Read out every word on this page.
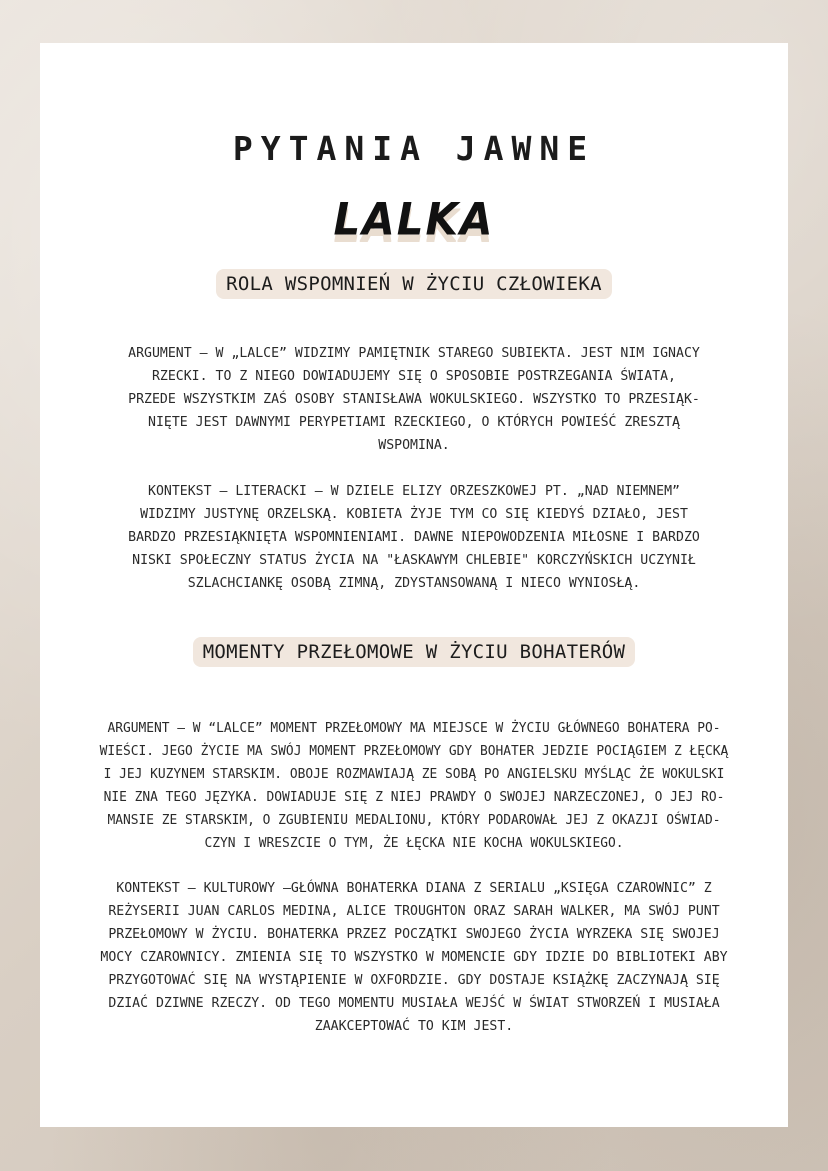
PYTANIA JAWNE
LALKA
ROLA WSPOMNIEŃ W ŻYCIU CZŁOWIEKA
ARGUMENT – W „LALCE” WIDZIMY PAMIĘTNIK STAREGO SUBIEKTA. JEST NIM IGNACY
RZECKI. TO Z NIEGO DOWIADUJEMY SIĘ O SPOSOBIE POSTRZEGANIA ŚWIATA,
PRZEDE WSZYSTKIM ZAŚ OSOBY STANISŁAWA WOKULSKIEGO. WSZYSTKO TO PRZESIĄK-
NIĘTE JEST DAWNYMI PERYPETIAMI RZECKIEGO, O KTÓRYCH POWIEŚĆ ZRESZTĄ
WSPOMINA.
KONTEKST – LITERACKI – W DZIELE ELIZY ORZESZKOWEJ PT. „NAD NIEMNEM”
WIDZIMY JUSTYNĘ ORZELSKĄ. KOBIETA ŻYJE TYM CO SIĘ KIEDYŚ DZIAŁO, JEST
BARDZO PRZESIĄKNIĘTA WSPOMNIENIAMI. DAWNE NIEPOWODZENIA MIŁOSNE I BARDZO
NISKI SPOŁECZNY STATUS ŻYCIA NA "ŁASKAWYM CHLEBIE" KORCZYŃSKICH UCZYNIŁ
SZLACHCIANKĘ OSOBĄ ZIMNĄ, ZDYSTANSOWANĄ I NIECO WYNIOSŁĄ.
MOMENTY PRZEŁOMOWE W ŻYCIU BOHATERÓW
ARGUMENT – W “LALCE” MOMENT PRZEŁOMOWY MA MIEJSCE W ŻYCIU GŁÓWNEGO BOHATERA PO-
WIEŚCI. JEGO ŻYCIE MA SWÓJ MOMENT PRZEŁOMOWY GDY BOHATER JEDZIE POCIĄGIEM Z ŁĘCKĄ
I JEJ KUZYNEM STARSKIM. OBOJE ROZMAWIAJĄ ZE SOBĄ PO ANGIELSKU MYŚLĄC ŻE WOKULSKI
NIE ZNA TEGO JĘZYKA. DOWIADUJE SIĘ Z NIEJ PRAWDY O SWOJEJ NARZECZONEJ, O JEJ RO-
MANSIE ZE STARSKIM, O ZGUBIENIU MEDALIONU, KTÓRY PODAROWAŁ JEJ Z OKAZJI OŚWIAD-
CZYN I WRESZCIE O TYM, ŻE ŁĘCKA NIE KOCHA WOKULSKIEGO.
KONTEKST – KULTUROWY –GŁÓWNA BOHATERKA DIANA Z SERIALU „KSIĘGA CZAROWNIC” Z
REŻYSERII JUAN CARLOS MEDINA, ALICE TROUGHTON ORAZ SARAH WALKER, MA SWÓJ PUNT
PRZEŁOMOWY W ŻYCIU. BOHATERKA PRZEZ POCZĄTKI SWOJEGO ŻYCIA WYRZEKA SIĘ SWOJEJ
MOCY CZAROWNICY. ZMIENIA SIĘ TO WSZYSTKO W MOMENCIE GDY IDZIE DO BIBLIOTEKI ABY
PRZYGOTOWAĆ SIĘ NA WYSTĄPIENIE W OXFORDZIE. GDY DOSTAJE KSIĄŻKĘ ZACZYNAJĄ SIĘ
DZIAĆ DZIWNE RZECZY. OD TEGO MOMENTU MUSIAŁA WEJŚĆ W ŚWIAT STWORZEŃ I MUSIAŁA
ZAAKCEPTOWAĆ TO KIM JEST.
